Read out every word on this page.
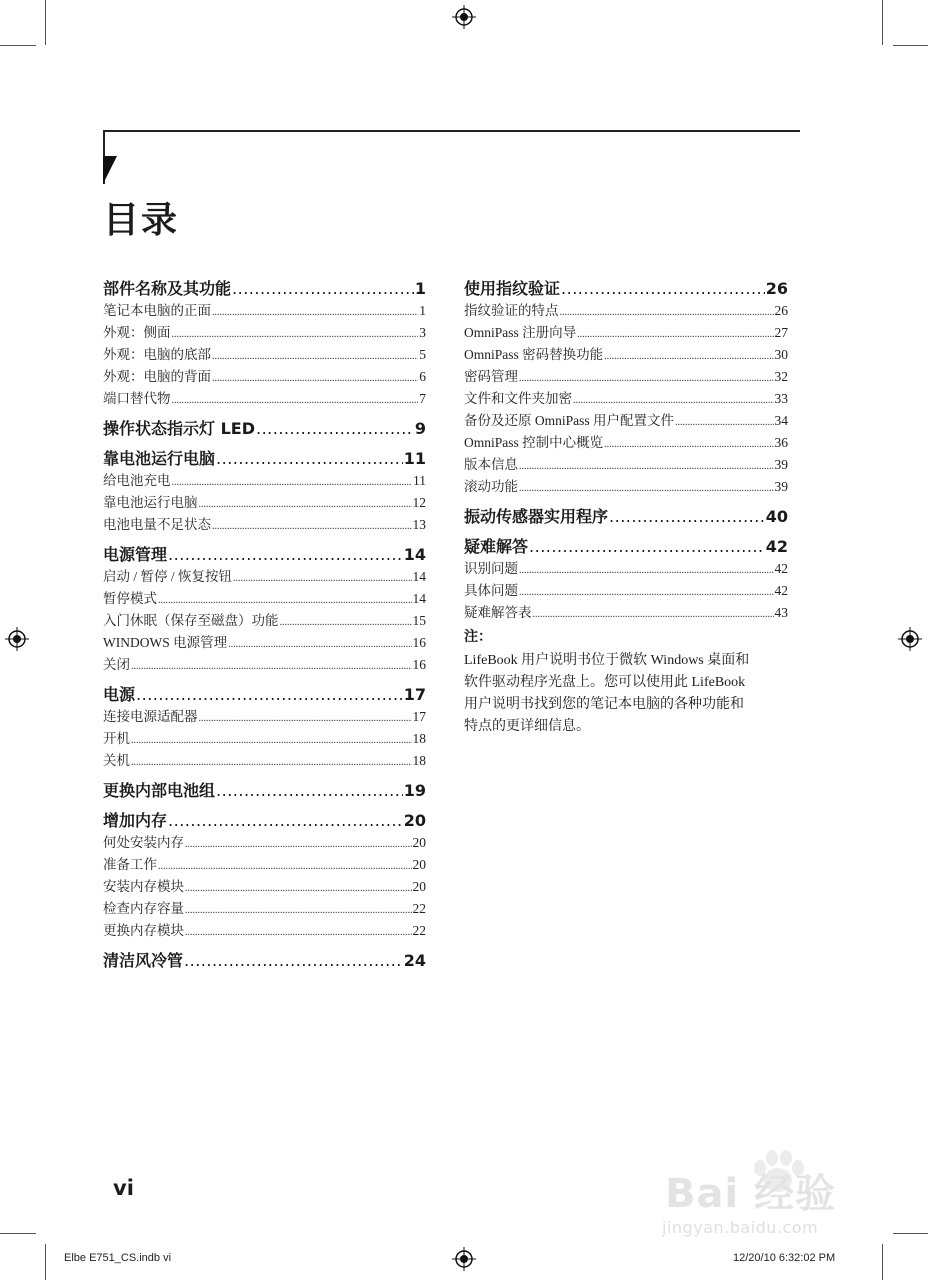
目录
部件名称及其功能 .....	1
笔记本电脑的正面 .....	1
外观：侧面 .....	3
外观：电脑的底部 .....	5
外观：电脑的背面 .....	6
端口替代物 .....	7
操作状态指示灯 LED .....	9
靠电池运行电脑 .....	11
给电池充电 .....	11
靠电池运行电脑 .....	12
电池电量不足状态 .....	13
电源管理 .....	14
启动 / 暂停 / 恢复按钮 .....	14
暂停模式 .....	14
入门休眠（保存至磁盘）功能 .....	15
WINDOWS 电源管理 .....	16
关闭 .....	16
电源 .....	17
连接电源适配器 .....	17
开机 .....	18
关机 .....	18
更换内部电池组 .....	19
增加内存 .....	20
何处安装内存 .....	20
准备工作 .....	20
安装内存模块 .....	20
检查内存容量 .....	22
更换内存模块 .....	22
清洁风冷管 .....	24
使用指纹验证 .....	26
指纹验证的特点 .....	26
OmniPass 注册向导 .....	27
OmniPass 密码替换功能 .....	30
密码管理 .....	32
文件和文件夹加密 .....	33
备份及还原 OmniPass 用户配置文件 .....	34
OmniPass 控制中心概览 .....	36
版本信息 .....	39
滚动功能 .....	39
振动传感器实用程序 .....	40
疑难解答 .....	42
识别问题 .....	42
具体问题 .....	42
疑难解答表 .....	43
注：
LifeBook 用户说明书位于微软 Windows 桌面和
软件驱动程序光盘上。您可以使用此 LifeBook
用户说明书找到您的笔记本电脑的各种功能和
特点的更详细信息。
vi	Bai 经验
jingyan.baidu.com
Elbe E751_CS.indb vi	12/20/10 6:32:02 PM
